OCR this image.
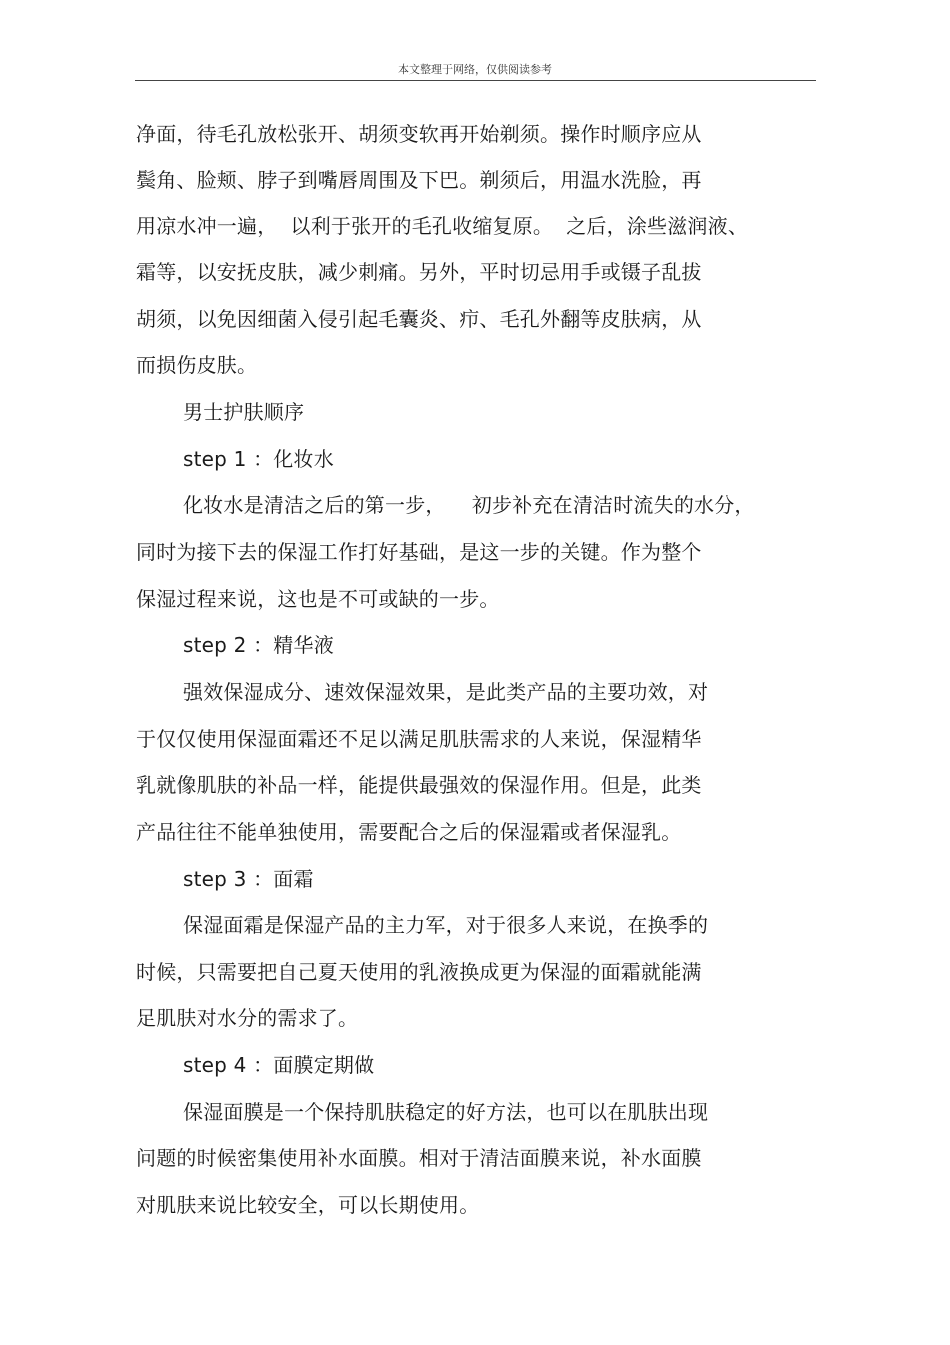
本文整理于网络，仅供阅读参考
净面，待毛孔放松张开、胡须变软再开始剃须。操作时顺序应从
鬓角、脸颊、脖子到嘴唇周围及下巴。剃须后，用温水洗脸，再
用凉水冲一遍，  以利于张开的毛孔收缩复原。  之后，涂些滋润液、
霜等，以安抚皮肤，减少刺痛。另外，平时切忌用手或镊子乱拔
胡须，以免因细菌入侵引起毛囊炎、疖、毛孔外翻等皮肤病，从
而损伤皮肤。
男士护肤顺序
step 1 ：化妆水
化妆水是清洁之后的第一步，    初步补充在清洁时流失的水分，
同时为接下去的保湿工作打好基础，是这一步的关键。作为整个
保湿过程来说，这也是不可或缺的一步。
step 2 ：精华液
强效保湿成分、速效保湿效果，是此类产品的主要功效，对
于仅仅使用保湿面霜还不足以满足肌肤需求的人来说，保湿精华
乳就像肌肤的补品一样，能提供最强效的保湿作用。但是，此类
产品往往不能单独使用，需要配合之后的保湿霜或者保湿乳。
step 3 ：面霜
保湿面霜是保湿产品的主力军，对于很多人来说，在换季的
时候，只需要把自己夏天使用的乳液换成更为保湿的面霜就能满
足肌肤对水分的需求了。
step 4 ：面膜定期做
保湿面膜是一个保持肌肤稳定的好方法，也可以在肌肤出现
问题的时候密集使用补水面膜。相对于清洁面膜来说，补水面膜
对肌肤来说比较安全，可以长期使用。
